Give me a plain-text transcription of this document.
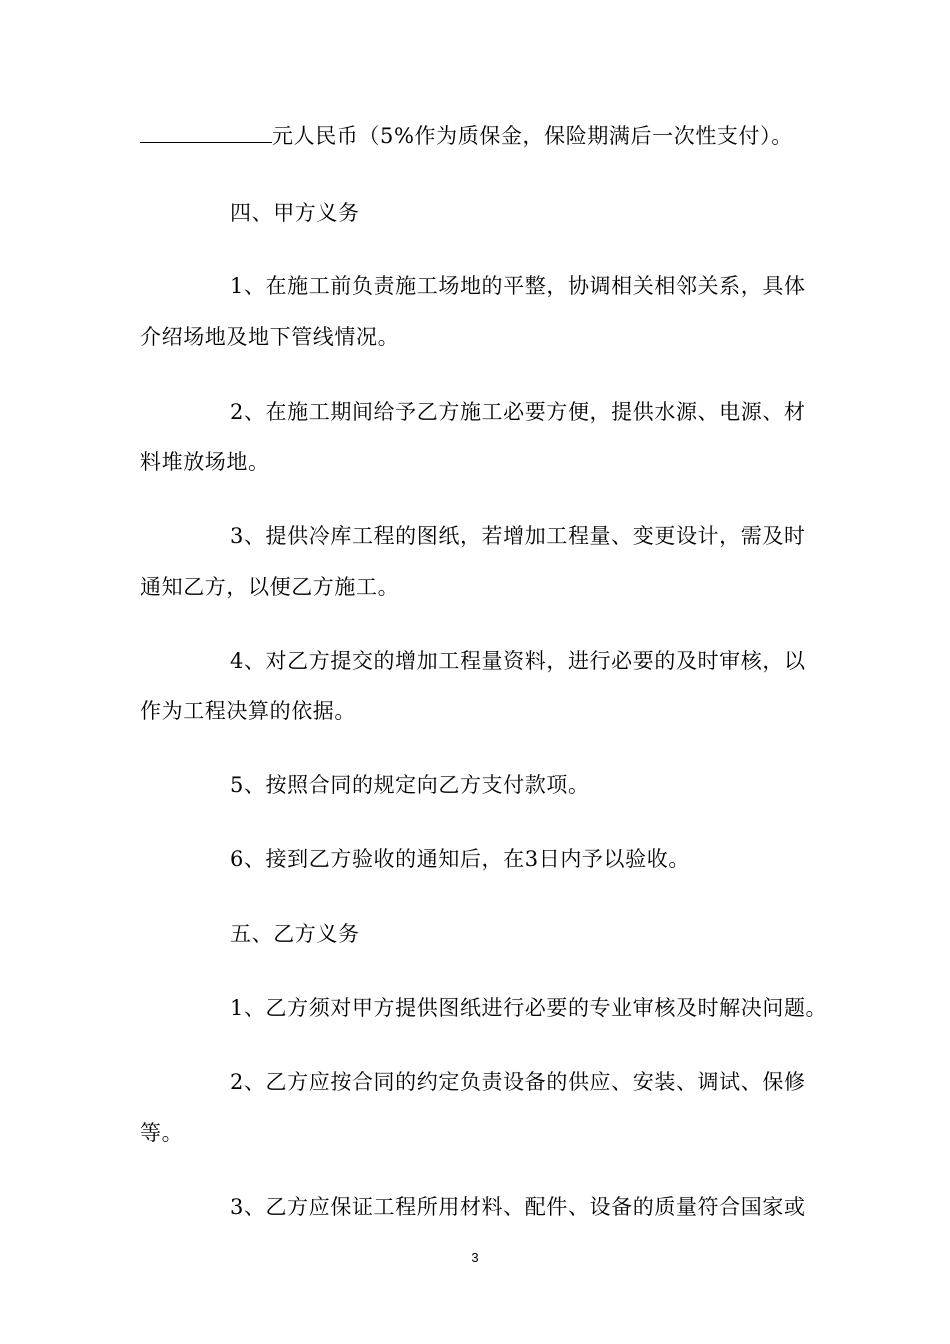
元人民币（5%作为质保金，保险期满后一次性支付）。
四、甲方义务
1、在施工前负责施工场地的平整，协调相关相邻关系，具体
介绍场地及地下管线情况。
2、在施工期间给予乙方施工必要方便，提供水源、电源、材
料堆放场地。
3、提供冷库工程的图纸，若增加工程量、变更设计，需及时
通知乙方，以便乙方施工。
4、对乙方提交的增加工程量资料，进行必要的及时审核，以
作为工程决算的依据。
5、按照合同的规定向乙方支付款项。
6、接到乙方验收的通知后，在3日内予以验收。
五、乙方义务
1、乙方须对甲方提供图纸进行必要的专业审核及时解决问题。
2、乙方应按合同的约定负责设备的供应、安装、调试、保修
等。
3、乙方应保证工程所用材料、配件、设备的质量符合国家或
3
